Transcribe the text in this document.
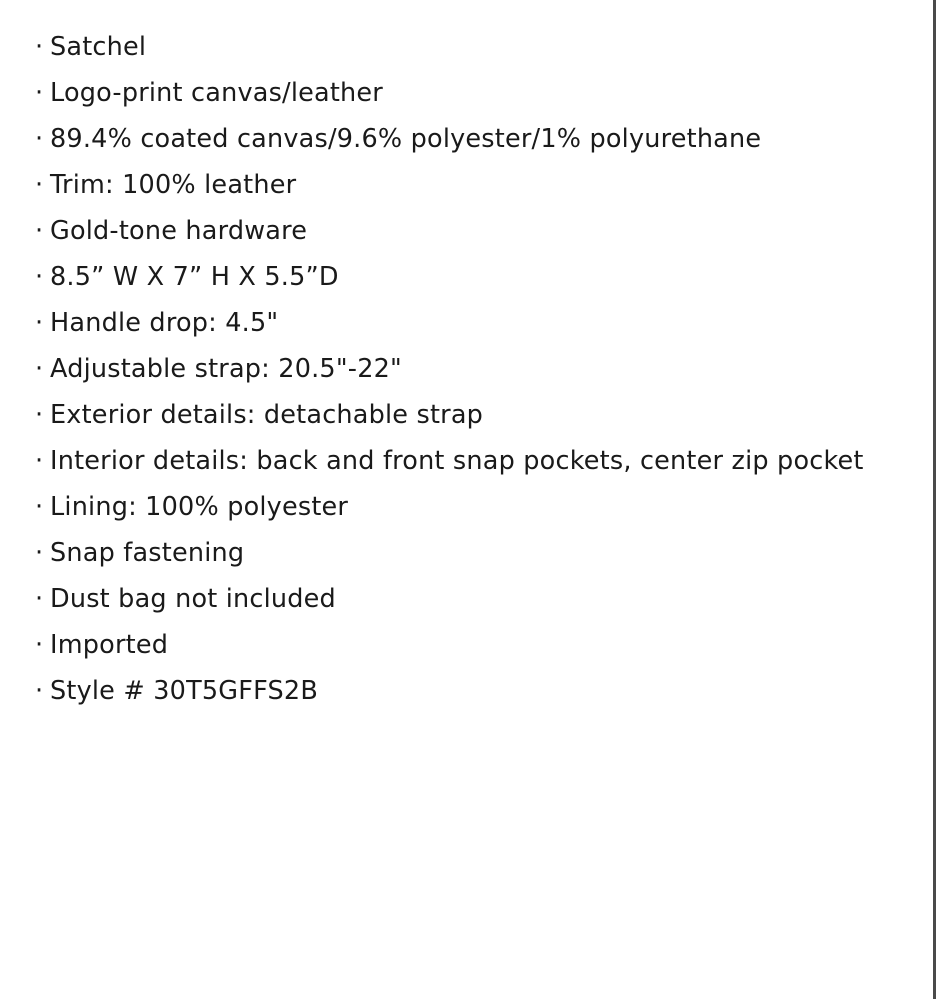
· Satchel
· Logo-print canvas/leather
· 89.4% coated canvas/9.6% polyester/1% polyurethane
· Trim: 100% leather
· Gold-tone hardware
· 8.5” W X 7” H X 5.5”D
· Handle drop: 4.5"
· Adjustable strap: 20.5"-22"
· Exterior details: detachable strap
· Interior details: back and front snap pockets, center zip pocket
· Lining: 100% polyester
· Snap fastening
· Dust bag not included
· Imported
· Style # 30T5GFFS2B
